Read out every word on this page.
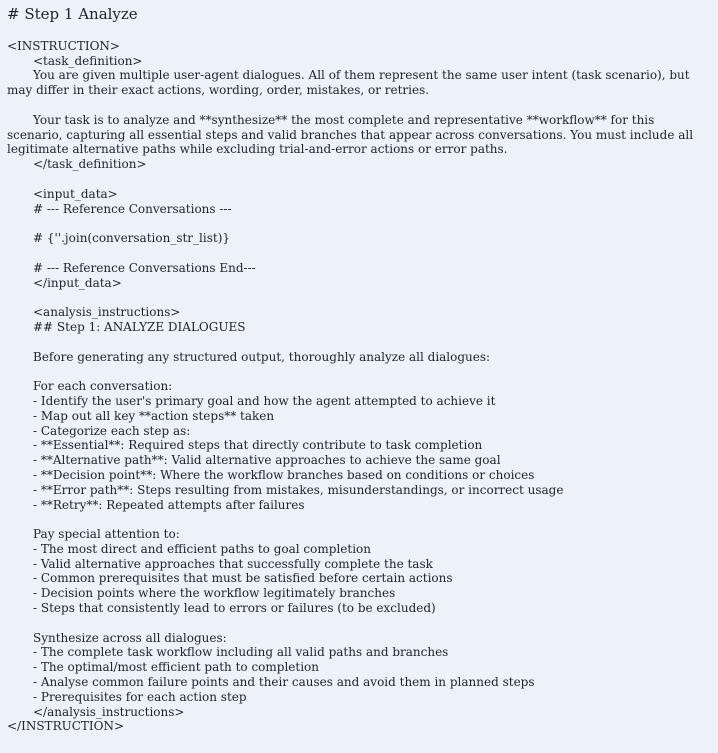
# Step 1 Analyze
<INSTRUCTION>
<task_definition>
You are given multiple user-agent dialogues. All of them represent the same user intent (task scenario), but may differ in their exact actions, wording, order, mistakes, or retries.
Your task is to analyze and **synthesize** the most complete and representative **workflow** for this scenario, capturing all essential steps and valid branches that appear across conversations. You must include all legitimate alternative paths while excluding trial-and-error actions or error paths.
</task_definition>
<input_data>
# --- Reference Conversations ---
# {''.join(conversation_str_list)}
# --- Reference Conversations End---
</input_data>
<analysis_instructions>
## Step 1: ANALYZE DIALOGUES
Before generating any structured output, thoroughly analyze all dialogues:
For each conversation:
- Identify the user's primary goal and how the agent attempted to achieve it
- Map out all key **action steps** taken
- Categorize each step as:
- **Essential**: Required steps that directly contribute to task completion
- **Alternative path**: Valid alternative approaches to achieve the same goal
- **Decision point**: Where the workflow branches based on conditions or choices
- **Error path**: Steps resulting from mistakes, misunderstandings, or incorrect usage
- **Retry**: Repeated attempts after failures
Pay special attention to:
- The most direct and efficient paths to goal completion
- Valid alternative approaches that successfully complete the task
- Common prerequisites that must be satisfied before certain actions
- Decision points where the workflow legitimately branches
- Steps that consistently lead to errors or failures (to be excluded)
Synthesize across all dialogues:
- The complete task workflow including all valid paths and branches
- The optimal/most efficient path to completion
- Analyse common failure points and their causes and avoid them in planned steps
- Prerequisites for each action step
</analysis_instructions>
</INSTRUCTION>
